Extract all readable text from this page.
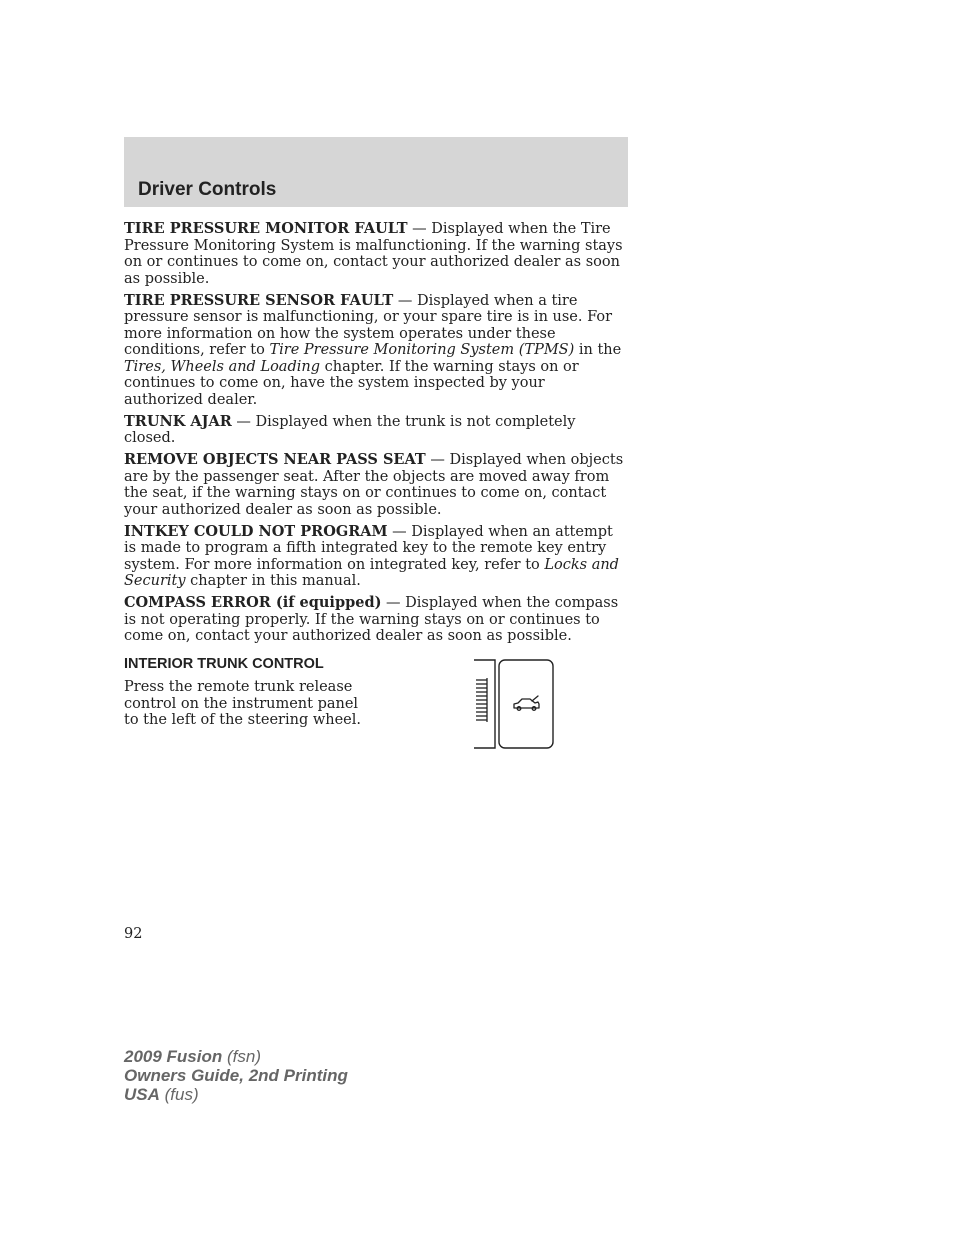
Driver Controls

TIRE PRESSURE MONITOR FAULT — Displayed when the Tire Pressure Monitoring System is malfunctioning. If the warning stays on or continues to come on, contact your authorized dealer as soon as possible.

TIRE PRESSURE SENSOR FAULT — Displayed when a tire pressure sensor is malfunctioning, or your spare tire is in use. For more information on how the system operates under these conditions, refer to Tire Pressure Monitoring System (TPMS) in the Tires, Wheels and Loading chapter. If the warning stays on or continues to come on, have the system inspected by your authorized dealer.

TRUNK AJAR — Displayed when the trunk is not completely closed.

REMOVE OBJECTS NEAR PASS SEAT — Displayed when objects are by the passenger seat. After the objects are moved away from the seat, if the warning stays on or continues to come on, contact your authorized dealer as soon as possible.

INTKEY COULD NOT PROGRAM — Displayed when an attempt is made to program a fifth integrated key to the remote key entry system. For more information on integrated key, refer to Locks and Security chapter in this manual.

COMPASS ERROR (if equipped) — Displayed when the compass is not operating properly. If the warning stays on or continues to come on, contact your authorized dealer as soon as possible.

INTERIOR TRUNK CONTROL

Press the remote trunk release control on the instrument panel to the left of the steering wheel.

92
2009 Fusion (fsn)
Owners Guide, 2nd Printing
USA (fus)
